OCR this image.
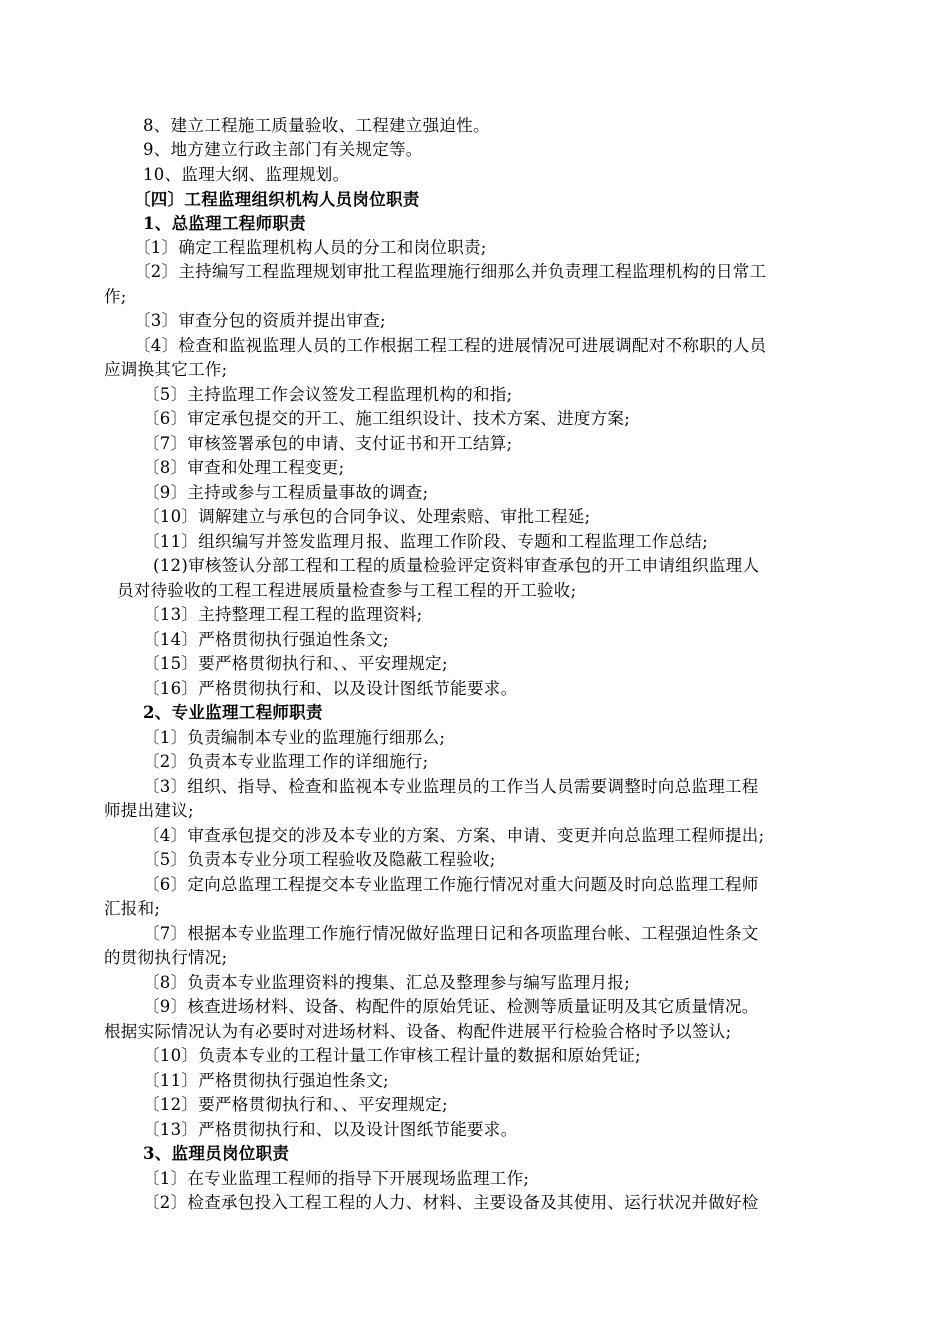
8、建立工程施工质量验收、工程建立强迫性。
9、地方建立行政主部门有关规定等。
10、监理大纲、监理规划。
〔四〕工程监理组织机构人员岗位职责
1、总监理工程师职责
〔1〕确定工程监理机构人员的分工和岗位职责;
〔2〕主持编写工程监理规划审批工程监理施行细那么并负责理工程监理机构的日常工
作;
〔3〕审查分包的资质并提出审查;
〔4〕检查和监视监理人员的工作根据工程工程的进展情况可进展调配对不称职的人员
应调换其它工作;
〔5〕主持监理工作会议签发工程监理机构的和指;
〔6〕审定承包提交的开工、施工组织设计、技术方案、进度方案;
〔7〕审核签署承包的申请、支付证书和开工结算;
〔8〕审查和处理工程变更;
〔9〕主持或参与工程质量事故的调查;
〔10〕调解建立与承包的合同争议、处理索赔、审批工程延;
〔11〕组织编写并签发监理月报、监理工作阶段、专题和工程监理工作总结;
(12)审核签认分部工程和工程的质量检验评定资料审查承包的开工申请组织监理人
员对待验收的工程工程进展质量检查参与工程工程的开工验收;
〔13〕主持整理工程工程的监理资料;
〔14〕严格贯彻执行强迫性条文;
〔15〕要严格贯彻执行和、、平安理规定;
〔16〕严格贯彻执行和、以及设计图纸节能要求。
2、专业监理工程师职责
〔1〕负责编制本专业的监理施行细那么;
〔2〕负责本专业监理工作的详细施行;
〔3〕组织、指导、检查和监视本专业监理员的工作当人员需要调整时向总监理工程
师提出建议;
〔4〕审查承包提交的涉及本专业的方案、方案、申请、变更并向总监理工程师提出;
〔5〕负责本专业分项工程验收及隐蔽工程验收;
〔6〕定向总监理工程提交本专业监理工作施行情况对重大问题及时向总监理工程师
汇报和;
〔7〕根据本专业监理工作施行情况做好监理日记和各项监理台帐、工程强迫性条文
的贯彻执行情况;
〔8〕负责本专业监理资料的搜集、汇总及整理参与编写监理月报;
〔9〕核查进场材料、设备、构配件的原始凭证、检测等质量证明及其它质量情况。
根据实际情况认为有必要时对进场材料、设备、构配件进展平行检验合格时予以签认;
〔10〕负责本专业的工程计量工作审核工程计量的数据和原始凭证;
〔11〕严格贯彻执行强迫性条文;
〔12〕要严格贯彻执行和、、平安理规定;
〔13〕严格贯彻执行和、以及设计图纸节能要求。
3、监理员岗位职责
〔1〕在专业监理工程师的指导下开展现场监理工作;
〔2〕检查承包投入工程工程的人力、材料、主要设备及其使用、运行状况并做好检
